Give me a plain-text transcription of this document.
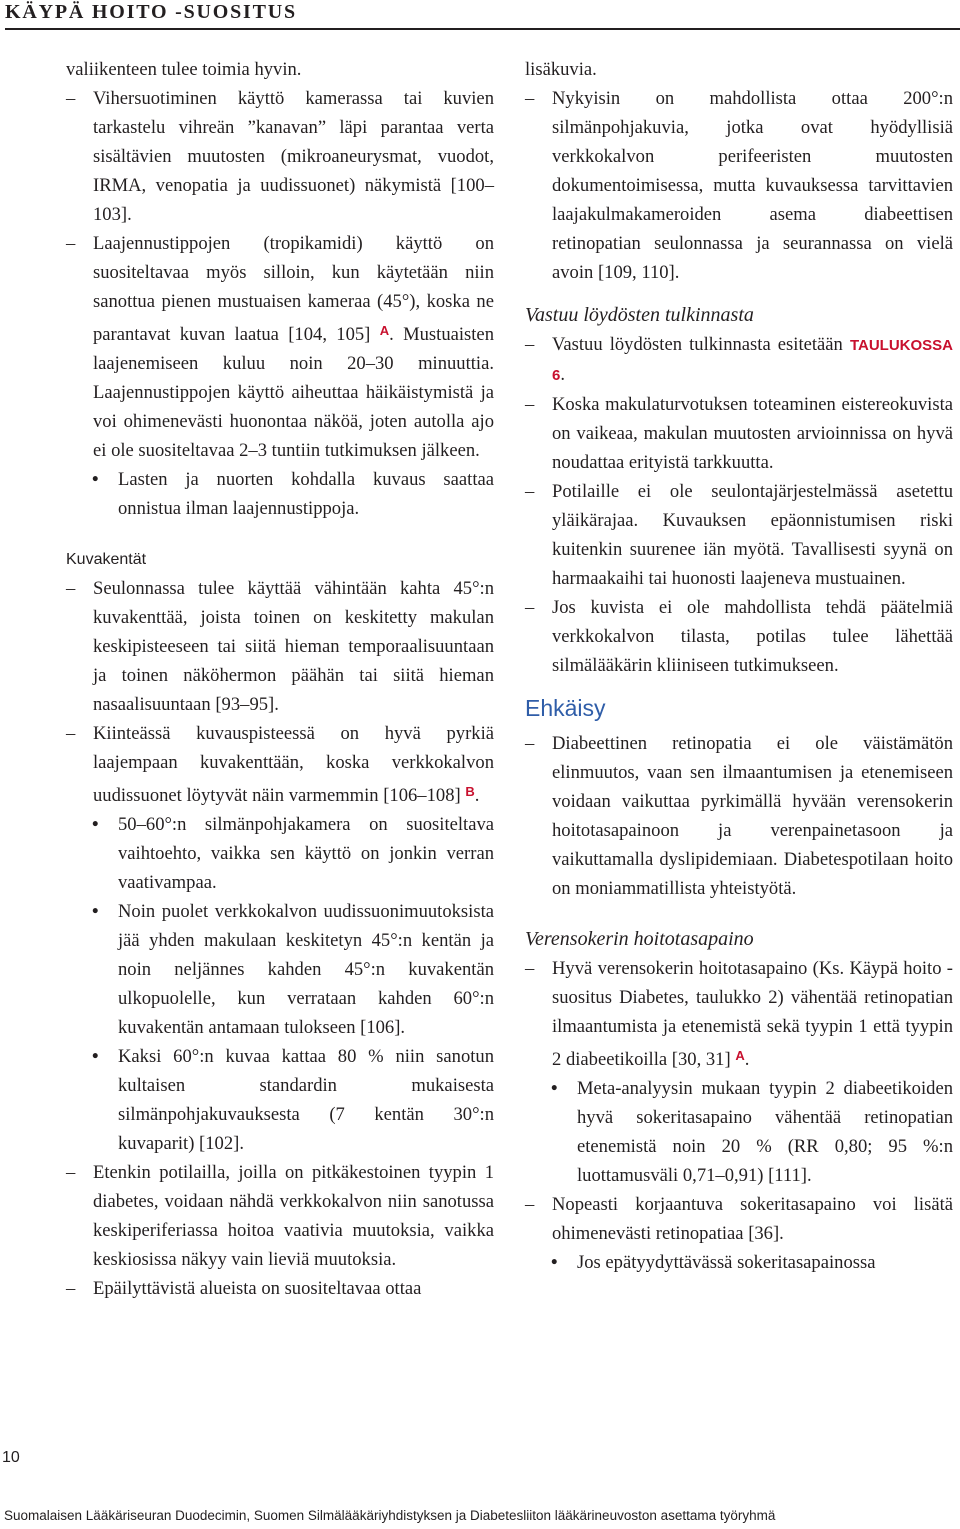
KÄYPÄ HOITO -SUOSITUS

valiikenteen tulee toimia hyvin.

– Vihersuotiminen käyttö kamerassa tai kuvien tarkastelu vihreän ”kanavan” läpi parantaa verta sisältävien muutosten (mikroaneurysmat, vuodot, IRMA, venopatia ja uudissuonet) näkymistä [100–103].

– Laajennustippojen (tropikamidi) käyttö on suositeltavaa myös silloin, kun käytetään niin sanottua pienen mustuaisen kameraa (45°), koska ne parantavat kuvan laatua [104, 105] $^A$. Mustuaisten laajenemiseen kuluu noin 20–30 minuuttia. Laajennustippojen käyttö aiheuttaa häikäistymistä ja voi ohimenevästi huonontaa näköä, joten autolla ajo ei ole suositeltavaa 2–3 tuntiin tutkimuksen jälkeen.

• Lasten ja nuorten kohdalla kuvaus saattaa onnistua ilman laajennustippoja.

Kuvakentät

– Seulonnassa tulee käyttää vähintään kahta 45°:n kuvakenttää, joista toinen on keskitetty makulan keskipisteeseen tai siitä hieman temporaalisuuntaan ja toinen näköhermon päähän tai siitä hieman nasaalisuuntaan [93–95].

– Kiinteässä kuvauspisteessä on hyvä pyrkiä laajempaan kuvakenttään, koska verkkokalvon uudissuonet löytyvät näin varmemmin [106–108] $^B$.

• 50–60°:n silmänpohjakamera on suositeltava vaihtoehto, vaikka sen käyttö on jonkin verran vaativampaa.

• Noin puolet verkkokalvon uudissuonimuutoksista jää yhden makulaan keskitetyn 45°:n kentän ja noin neljännes kahden 45°:n kuvakentän ulkopuolelle, kun verrataan kahden 60°:n kuvakentän antamaan tulokseen [106].

• Kaksi 60°:n kuvaa kattaa 80 % niin sanotun kultaisen standardin mukaisesta silmänpohjakuvauksesta (7 kentän 30°:n kuvaparit) [102].

– Etenkin potilailla, joilla on pitkäkestoinen tyypin 1 diabetes, voidaan nähdä verkkokalvon niin sanotussa keskiperiferiassa hoitoa vaativia muutoksia, vaikka keskiosissa näkyy vain lieviä muutoksia.

– Epäilyttävistä alueista on suositeltavaa ottaa

lisäkuvia.

– Nykyisin on mahdollista ottaa 200°:n silmänpohjakuvia, jotka ovat hyödyllisiä verkkokalvon perifeeristen muutosten dokumentoimisessa, mutta kuvauksessa tarvittavien laajakulmakameroiden asema diabeettisen retinopatian seulonnassa ja seurannassa on vielä avoin [109, 110].

Vastuu löydösten tulkinnasta

– Vastuu löydösten tulkinnasta esitetään TAULUKOSSA 6.

– Koska makulaturvotuksen toteaminen eistereokuvista on vaikeaa, makulan muutosten arvioinnissa on hyvä noudattaa erityistä tarkkuutta.

– Potilaille ei ole seulontajärjestelmässä asetettu yläikärajaa. Kuvauksen epäonnistumisen riski kuitenkin suurenee iän myötä. Tavallisesti syynä on harmaakaihi tai huonosti laajeneva mustuainen.

– Jos kuvista ei ole mahdollista tehdä päätelmiä verkkokalvon tilasta, potilas tulee lähettää silmälääkärin kliiniseen tutkimukseen.

Ehkäisy

– Diabeettinen retinopatia ei ole väistämätön elinmuutos, vaan sen ilmaantumisen ja etenemiseen voidaan vaikuttaa pyrkimällä hyvään verensokerin hoitotasapainoon ja verenpainetasoon ja vaikuttamalla dyslipidemiaan. Diabetespotilaan hoito on moniammatillista yhteistyötä.

Verensokerin hoitotasapaino

– Hyvä verensokerin hoitotasapaino (Ks. Käypä hoito -suositus Diabetes, taulukko 2) vähentää retinopatian ilmaantumista ja etenemistä sekä tyypin 1 että tyypin 2 diabeetikoilla [30, 31] $^A$.

• Meta-analyysin mukaan tyypin 2 diabeetikoiden hyvä sokeritasapaino vähentää retinopatian etenemistä noin 20 % (RR 0,80; 95 %:n luottamusväli 0,71–0,91) [111].

– Nopeasti korjaantuva sokeritasapaino voi lisätä ohimenevästi retinopatiaa [36].

• Jos epätyydyttävässä sokeritasapainossa

10
Suomalaisen Lääkäriseuran Duodecimin, Suomen Silmälääkäriyhdistyksen ja Diabetesliiton lääkärineuvoston asettama työryhmä
